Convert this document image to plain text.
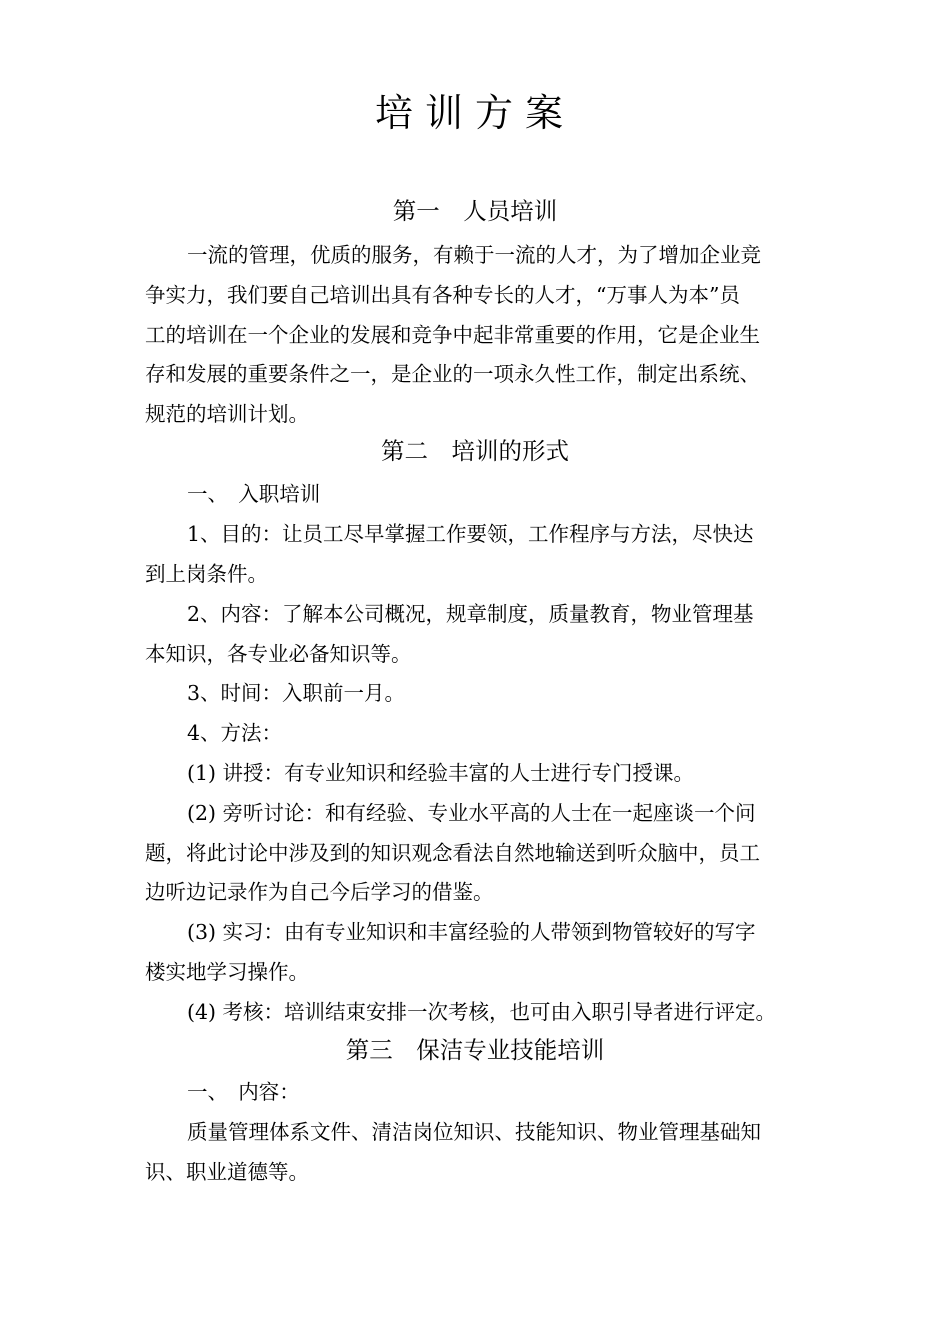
培训方案
第一　人员培训
一流的管理，优质的服务，有赖于一流的人才，为了增加企业竞
争实力，我们要自己培训出具有各种专长的人才，“万事人为本”员
工的培训在一个企业的发展和竞争中起非常重要的作用，它是企业生
存和发展的重要条件之一，是企业的一项永久性工作，制定出系统、
规范的培训计划。
第二　培训的形式
一、　入职培训
1、目的：让员工尽早掌握工作要领，工作程序与方法，尽快达
到上岗条件。
2、内容：了解本公司概况，规章制度，质量教育，物业管理基
本知识，各专业必备知识等。
3、时间：入职前一月。
4、方法：
(1) 讲授：有专业知识和经验丰富的人士进行专门授课。
(2) 旁听讨论：和有经验、专业水平高的人士在一起座谈一个问
题，将此讨论中涉及到的知识观念看法自然地输送到听众脑中，员工
边听边记录作为自己今后学习的借鉴。
(3) 实习：由有专业知识和丰富经验的人带领到物管较好的写字
楼实地学习操作。
(4) 考核：培训结束安排一次考核，也可由入职引导者进行评定。
第三　保洁专业技能培训
一、　内容：
质量管理体系文件、清洁岗位知识、技能知识、物业管理基础知
识、职业道德等。
